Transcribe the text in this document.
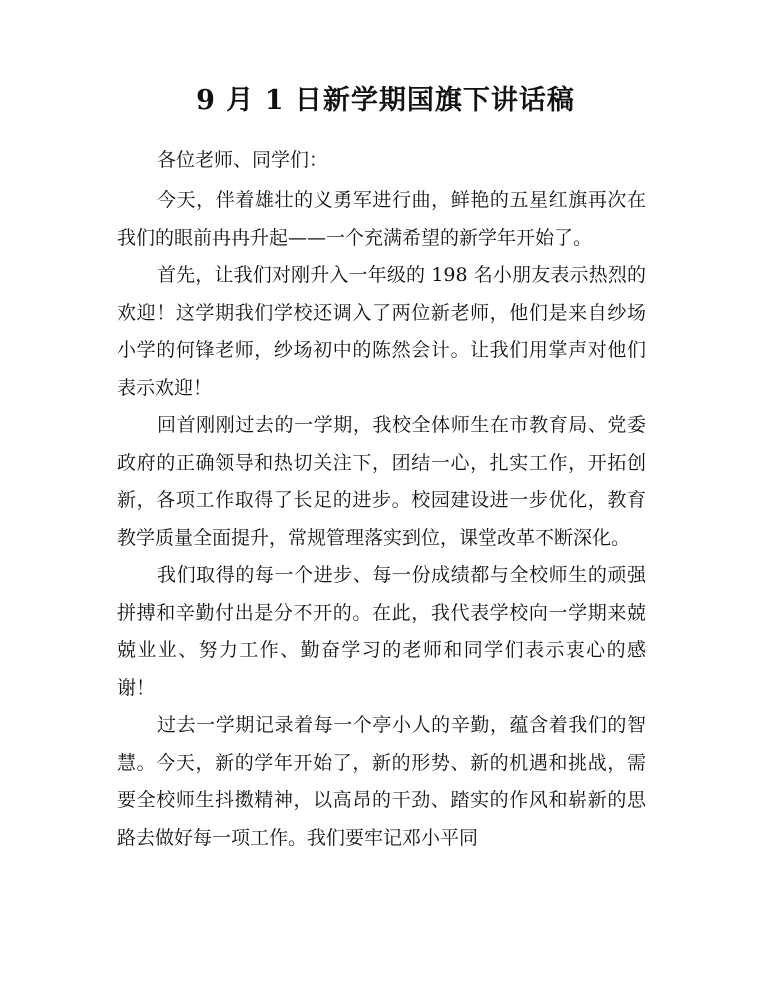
9 月 1 日新学期国旗下讲话稿

各位老师、同学们：

今天，伴着雄壮的义勇军进行曲，鲜艳的五星红旗再次在我们的眼前冉冉升起——一个充满希望的新学年开始了。

首先，让我们对刚升入一年级的 198 名小朋友表示热烈的欢迎！这学期我们学校还调入了两位新老师，他们是来自纱场小学的何锋老师，纱场初中的陈然会计。让我们用掌声对他们表示欢迎！

回首刚刚过去的一学期，我校全体师生在市教育局、党委政府的正确领导和热切关注下，团结一心，扎实工作，开拓创新，各项工作取得了长足的进步。校园建设进一步优化，教育教学质量全面提升，常规管理落实到位，课堂改革不断深化。

我们取得的每一个进步、每一份成绩都与全校师生的顽强拼搏和辛勤付出是分不开的。在此，我代表学校向一学期来兢兢业业、努力工作、勤奋学习的老师和同学们表示衷心的感谢！

过去一学期记录着每一个亭小人的辛勤，蕴含着我们的智慧。今天，新的学年开始了，新的形势、新的机遇和挑战，需要全校师生抖擞精神，以高昂的干劲、踏实的作风和崭新的思路去做好每一项工作。我们要牢记邓小平同
